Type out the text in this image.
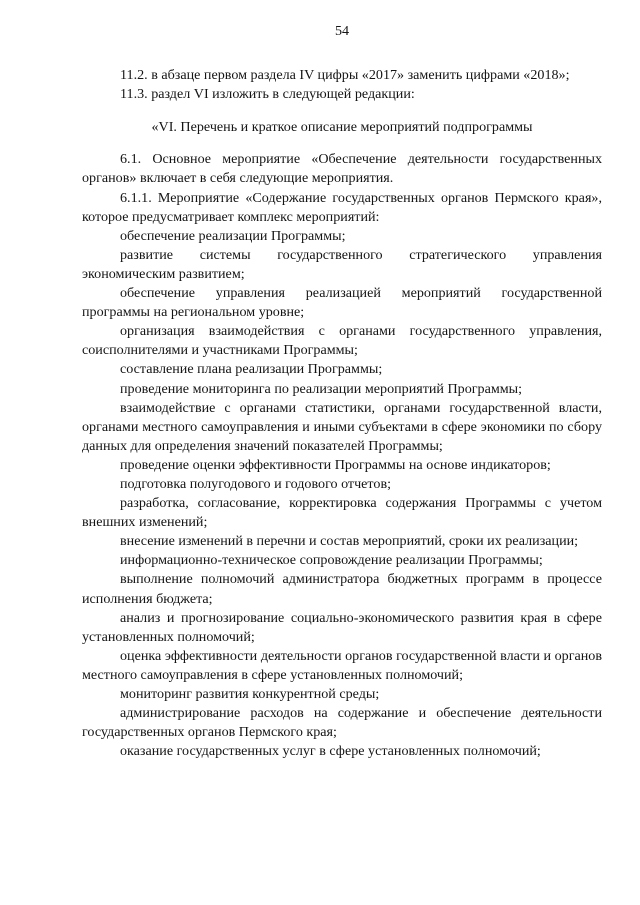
54

11.2. в абзаце первом раздела IV цифры «2017» заменить цифрами «2018»;

11.3. раздел VI изложить в следующей редакции:

«VI. Перечень и краткое описание мероприятий подпрограммы

6.1. Основное мероприятие «Обеспечение деятельности государственных органов» включает в себя следующие мероприятия.

6.1.1. Мероприятие «Содержание государственных органов Пермского края», которое предусматривает комплекс мероприятий:

обеспечение реализации Программы;

развитие системы государственного стратегического управления экономическим развитием;

обеспечение управления реализацией мероприятий государственной программы на региональном уровне;

организация взаимодействия с органами государственного управления, соисполнителями и участниками Программы;

составление плана реализации Программы;

проведение мониторинга по реализации мероприятий Программы;

взаимодействие с органами статистики, органами государственной власти, органами местного самоуправления и иными субъектами в сфере экономики по сбору данных для определения значений показателей Программы;

проведение оценки эффективности Программы на основе индикаторов;

подготовка полугодового и годового отчетов;

разработка, согласование, корректировка содержания Программы с учетом внешних изменений;

внесение изменений в перечни и состав мероприятий, сроки их реализации;

информационно-техническое сопровождение реализации Программы;

выполнение полномочий администратора бюджетных программ в процессе исполнения бюджета;

анализ и прогнозирование социально-экономического развития края в сфере установленных полномочий;

оценка эффективности деятельности органов государственной власти и органов местного самоуправления в сфере установленных полномочий;

мониторинг развития конкурентной среды;

администрирование расходов на содержание и обеспечение деятельности государственных органов Пермского края;

оказание государственных услуг в сфере установленных полномочий;
